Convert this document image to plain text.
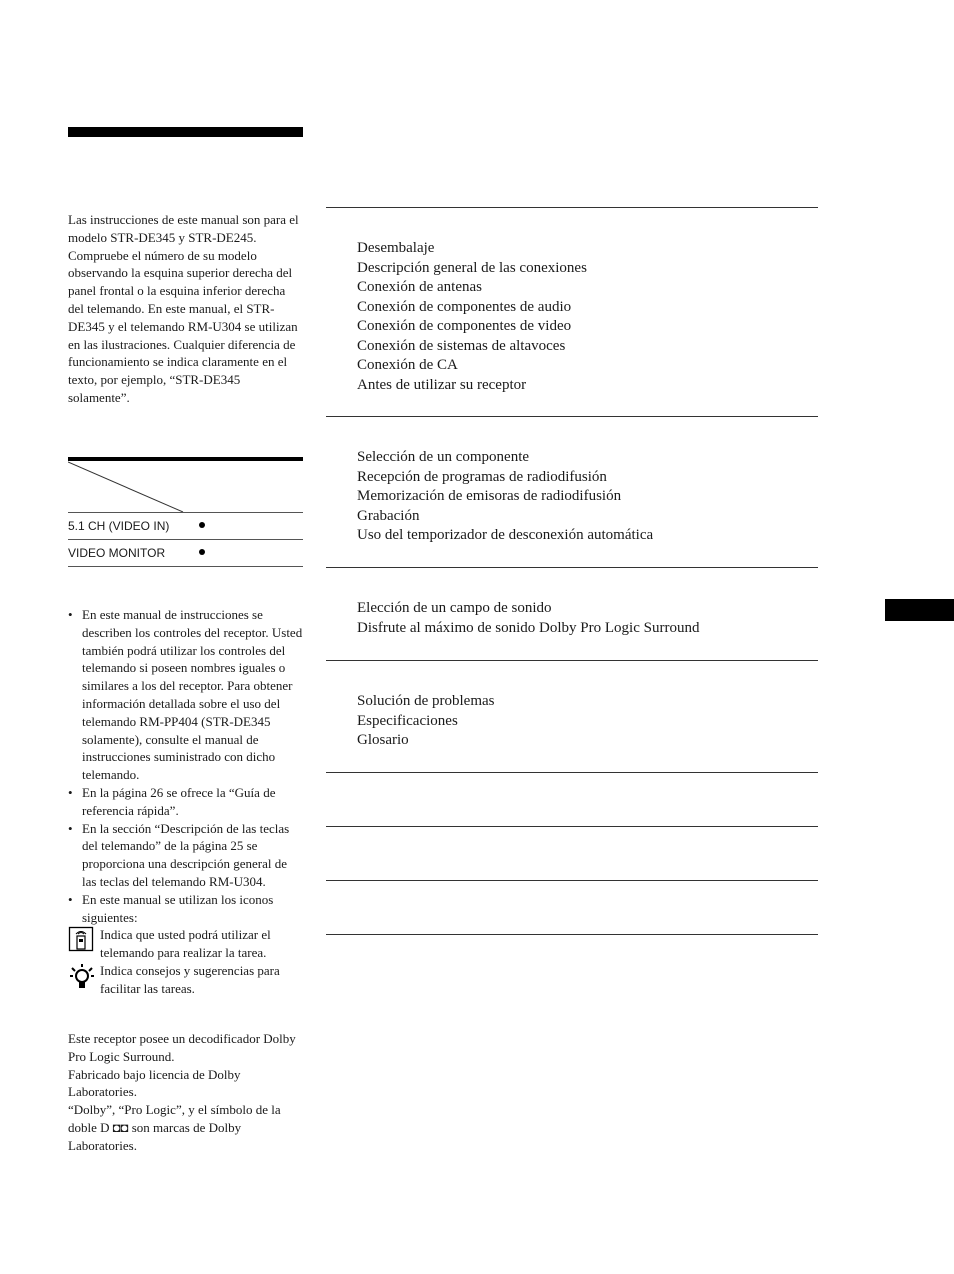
Las instrucciones de este manual son para el modelo STR-DE345 y STR-DE245. Compruebe el número de su modelo observando la esquina superior derecha del panel frontal o la esquina inferior derecha del telemando. En este manual, el STR-DE345 y el telemando RM-U304 se utilizan en las ilustraciones. Cualquier diferencia de funcionamiento se indica claramente en el texto, por ejemplo, “STR-DE345 solamente”.
5.1 CH (VIDEO IN)
VIDEO MONITOR
• En este manual de instrucciones se describen los controles del receptor. Usted también podrá utilizar los controles del telemando si poseen nombres iguales o similares a los del receptor. Para obtener información detallada sobre el uso del telemando RM-PP404 (STR-DE345 solamente), consulte el manual de instrucciones suministrado con dicho telemando.
• En la página 26 se ofrece la “Guía de referencia rápida”.
• En la sección “Descripción de las teclas del telemando” de la página 25 se proporciona una descripción general de las teclas del telemando RM-U304.
• En este manual se utilizan los iconos siguientes:
Indica que usted podrá utilizar el telemando para realizar la tarea.
Indica consejos y sugerencias para facilitar las tareas.

Este receptor posee un decodificador Dolby Pro Logic Surround.

Fabricado bajo licencia de Dolby Laboratories.

“Dolby”, “Pro Logic”, y el símbolo de la doble D ◘◘ son marcas de Dolby Laboratories.

Desembalaje
Descripción general de las conexiones
Conexión de antenas
Conexión de componentes de audio
Conexión de componentes de video
Conexión de sistemas de altavoces
Conexión de CA
Antes de utilizar su receptor
Selección de un componente
Recepción de programas de radiodifusión
Memorización de emisoras de radiodifusión
Grabación
Uso del temporizador de desconexión automática
Elección de un campo de sonido
Disfrute al máximo de sonido Dolby Pro Logic Surround
Solución de problemas
Especificaciones
Glosario
